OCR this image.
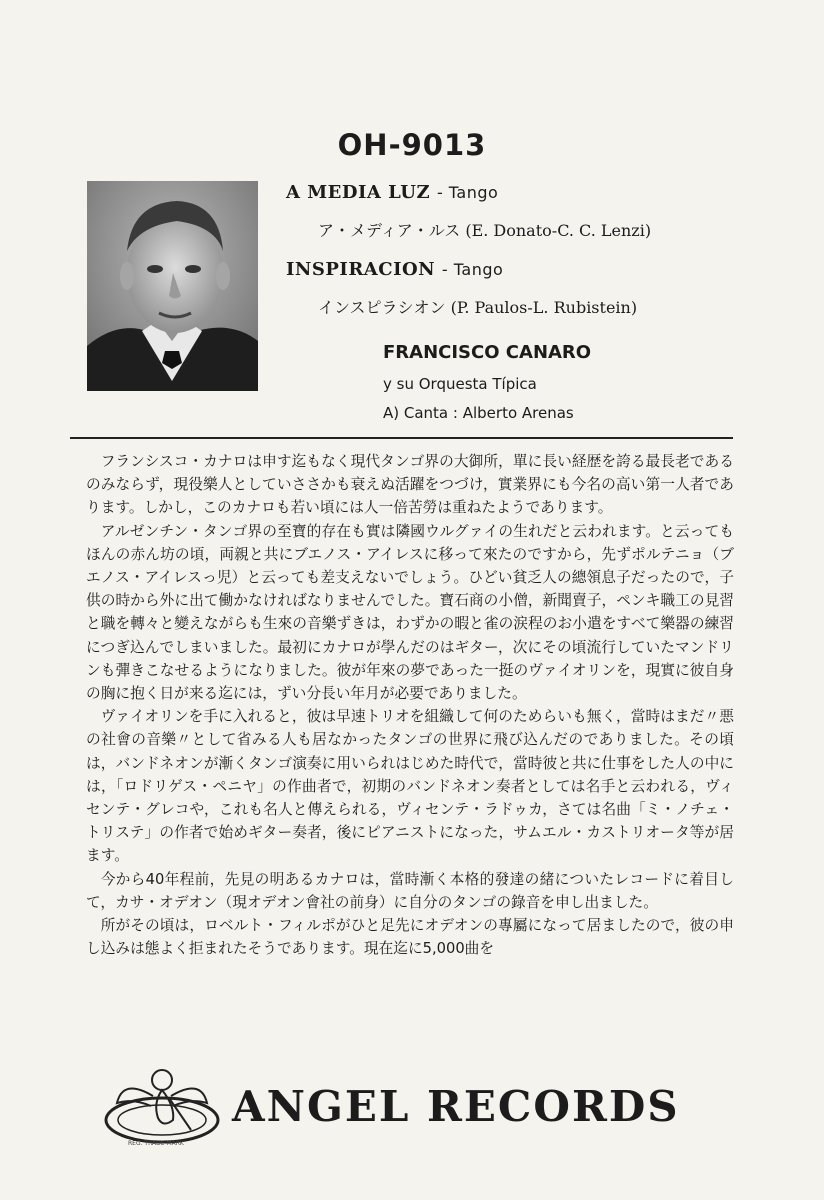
OH-9013
A MEDIA LUZ - Tango
ア・メディア・ルス (E. Donato-C. C. Lenzi)
INSPIRACION - Tango
インスピラシオン (P. Paulos-L. Rubistein)
FRANCISCO CANARO
y su Orquesta Típica
A) Canta : Alberto Arenas

フランシスコ・カナロは申す迄もなく現代タンゴ界の大御所，單に長い経歴を誇る最長老であるのみならず，現役樂人としていささかも衰えぬ活躍をつづけ，實業界にも今名の高い第一人者であります。しかし，このカナロも若い頃には人一倍苦勞は重ねたようであります。

アルゼンチン・タンゴ界の至寶的存在も實は隣國ウルグァイの生れだと云われます。と云ってもほんの赤ん坊の頃，両親と共にブエノス・アイレスに移って來たのですから，先ずポルテニョ（ブエノス・アイレスっ児）と云っても差支えないでしょう。ひどい貧乏人の總領息子だったので，子供の時から外に出て働かなければなりませんでした。寶石商の小僧，新聞賣子，ペンキ職工の見習と職を轉々と變えながらも生來の音樂ずきは，わずかの暇と雀の涙程のお小遣をすべて樂器の練習につぎ込んでしまいました。最初にカナロが學んだのはギター，次にその頃流行していたマンドリンも彈きこなせるようになりました。彼が年來の夢であった一挺のヴァイオリンを，現實に彼自身の胸に抱く日が来る迄には，ずい分長い年月が必要でありました。

ヴァイオリンを手に入れると，彼は早速トリオを組織して何のためらいも無く，當時はまだ〃悪の社會の音樂〃として省みる人も居なかったタンゴの世界に飛び込んだのでありました。その頃は，バンドネオンが漸くタンゴ演奏に用いられはじめた時代で，當時彼と共に仕事をした人の中には，「ロドリゲス・ペニヤ」の作曲者で，初期のバンドネオン奏者としては名手と云われる，ヴィセンテ・グレコや，これも名人と傳えられる，ヴィセンテ・ラドゥカ，さては名曲「ミ・ノチェ・トリステ」の作者で始めギター奏者，後にピアニストになった，サムエル・カストリオータ等が居ます。

今から40年程前，先見の明あるカナロは，當時漸く本格的發達の緒についたレコードに着目して，カサ・オデオン（現オデオン會社の前身）に自分のタンゴの錄音を申し出ました。

所がその頃は，ロベルト・フィルポがひと足先にオデオンの專屬になって居ましたので，彼の申し込みは態よく拒まれたそうであります。現在迄に5,000曲を

REG. TRADE MARK
ANGEL RECORDS
